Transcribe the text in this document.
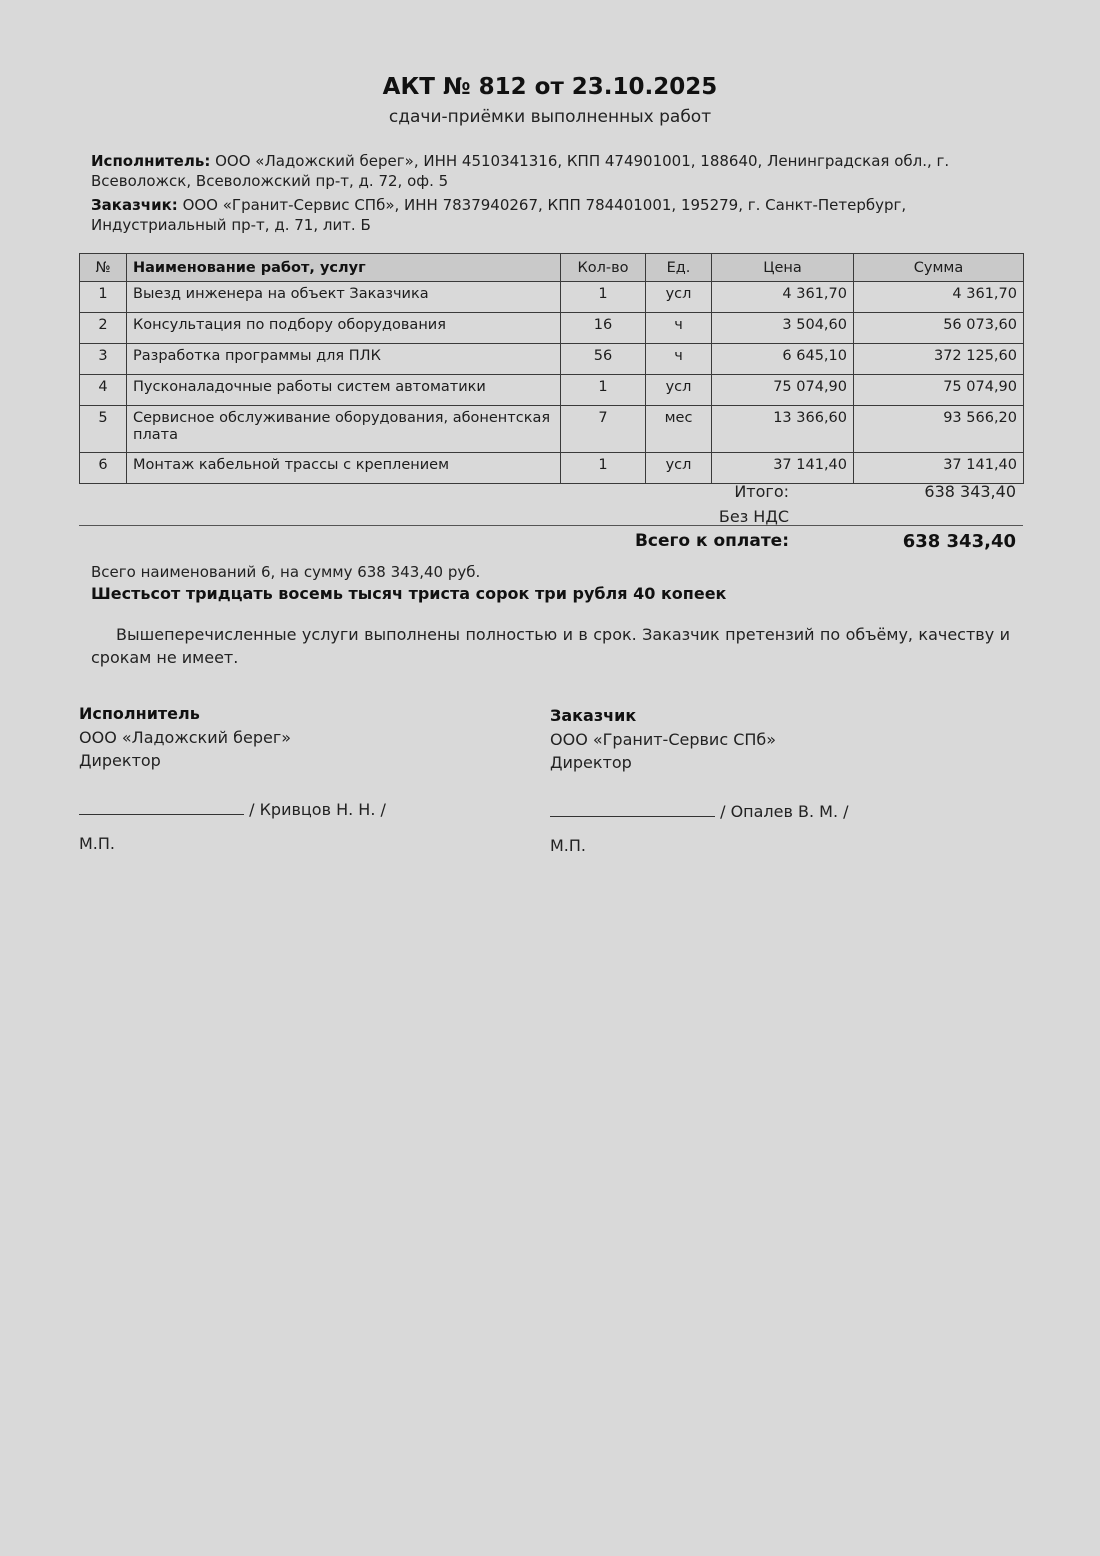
АКТ № 812 от 23.10.2025
сдачи-приёмки выполненных работ
Исполнитель: ООО «Ладожский берег», ИНН 4510341316, КПП 474901001, 188640, Ленинградская обл., г. Всеволожск, Всеволожский пр-т, д. 72, оф. 5
Заказчик: ООО «Гранит-Сервис СПб», ИНН 7837940267, КПП 784401001, 195279, г. Санкт-Петербург, Индустриальный пр-т, д. 71, лит. Б
№	Наименование работ, услуг	Кол-во	Ед.	Цена	Сумма
1	Выезд инженера на объект Заказчика	1	усл	4 361,70	4 361,70
2	Консультация по подбору оборудования	16	ч	3 504,60	56 073,60
3	Разработка программы для ПЛК	56	ч	6 645,10	372 125,60
4	Пусконаладочные работы систем автоматики	1	усл	75 074,90	75 074,90
5	Сервисное обслуживание оборудования, абонентская плата	7	мес	13 366,60	93 566,20
6	Монтаж кабельной трассы с креплением	1	усл	37 141,40	37 141,40
Итого:	638 343,40
Без НДС
Всего к оплате:	638 343,40
Всего наименований 6, на сумму 638 343,40 руб.
Шестьсот тридцать восемь тысяч триста сорок три рубля 40 копеек
Вышеперечисленные услуги выполнены полностью и в срок. Заказчик претензий по объёму, качеству и срокам не имеет.
Исполнитель
ООО «Ладожский берег»
Директор
/ Кривцов Н. Н. /
М.П.
Заказчик
ООО «Гранит-Сервис СПб»
Директор
/ Опалев В. М. /
М.П.
